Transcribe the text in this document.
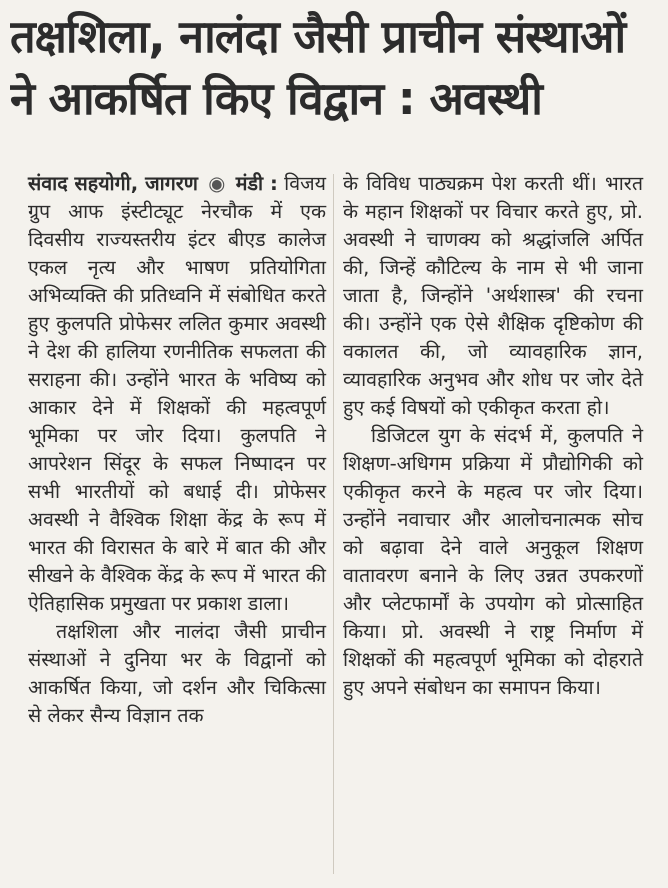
तक्षशिला, नालंदा जैसी प्राचीन संस्थाओं
ने आकर्षित किए विद्वान : अवस्थी

संवाद सहयोगी, जागरण ◉ मंडी : विजय ग्रुप आफ इंस्टीट्यूट नेरचौक में एक दिवसीय राज्यस्तरीय इंटर बीएड कालेज एकल नृत्य और भाषण प्रतियोगिता अभिव्यक्ति की प्रतिध्वनि में संबोधित करते हुए कुलपति प्रोफेसर ललित कुमार अवस्थी ने देश की हालिया रणनीतिक सफलता की सराहना की। उन्होंने भारत के भविष्य को आकार देने में शिक्षकों की महत्वपूर्ण भूमिका पर जोर दिया। कुलपति ने आपरेशन सिंदूर के सफल निष्पादन पर सभी भारतीयों को बधाई दी। प्रोफेसर अवस्थी ने वैश्विक शिक्षा केंद्र के रूप में भारत की विरासत के बारे में बात की और सीखने के वैश्विक केंद्र के रूप में भारत की ऐतिहासिक प्रमुखता पर प्रकाश डाला।

तक्षशिला और नालंदा जैसी प्राचीन संस्थाओं ने दुनिया भर के विद्वानों को आकर्षित किया, जो दर्शन और चिकित्सा से लेकर सैन्य विज्ञान तक

के विविध पाठ्यक्रम पेश करती थीं। भारत के महान शिक्षकों पर विचार करते हुए, प्रो. अवस्थी ने चाणक्य को श्रद्धांजलि अर्पित की, जिन्हें कौटिल्य के नाम से भी जाना जाता है, जिन्होंने 'अर्थशास्त्र' की रचना की। उन्होंने एक ऐसे शैक्षिक दृष्टिकोण की वकालत की, जो व्यावहारिक ज्ञान, व्यावहारिक अनुभव और शोध पर जोर देते हुए कई विषयों को एकीकृत करता हो।

डिजिटल युग के संदर्भ में, कुलपति ने शिक्षण-अधिगम प्रक्रिया में प्रौद्योगिकी को एकीकृत करने के महत्व पर जोर दिया। उन्होंने नवाचार और आलोचनात्मक सोच को बढ़ावा देने वाले अनुकूल शिक्षण वातावरण बनाने के लिए उन्नत उपकरणों और प्लेटफार्मों के उपयोग को प्रोत्साहित किया। प्रो. अवस्थी ने राष्ट्र निर्माण में शिक्षकों की महत्वपूर्ण भूमिका को दोहराते हुए अपने संबोधन का समापन किया।
